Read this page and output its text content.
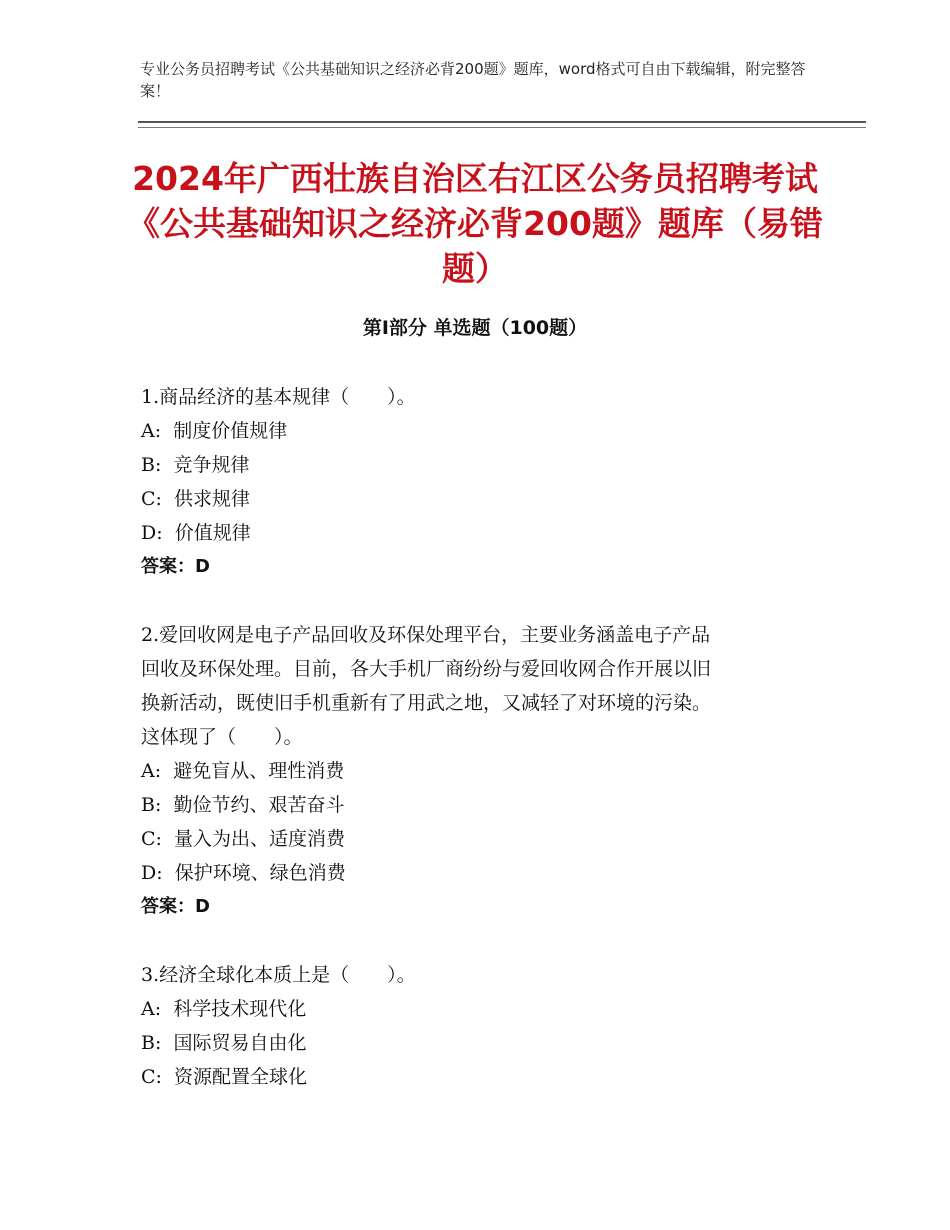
专业公务员招聘考试《公共基础知识之经济必背200题》题库，word格式可自由下载编辑，附完整答案！
2024年广西壮族自治区右江区公务员招聘考试《公共基础知识之经济必背200题》题库（易错题）
第Ⅰ部分 单选题（100题）
1.商品经济的基本规律（　　）。
A:  制度价值规律
B:  竞争规律
C:  供求规律
D:  价值规律
答案：D
2.爱回收网是电子产品回收及环保处理平台，主要业务涵盖电子产品
回收及环保处理。目前，各大手机厂商纷纷与爱回收网合作开展以旧
换新活动，既使旧手机重新有了用武之地，又减轻了对环境的污染。
这体现了（　　）。
A:  避免盲从、理性消费
B:  勤俭节约、艰苦奋斗
C:  量入为出、适度消费
D:  保护环境、绿色消费
答案：D
3.经济全球化本质上是（　　）。
A:  科学技术现代化
B:  国际贸易自由化
C:  资源配置全球化
